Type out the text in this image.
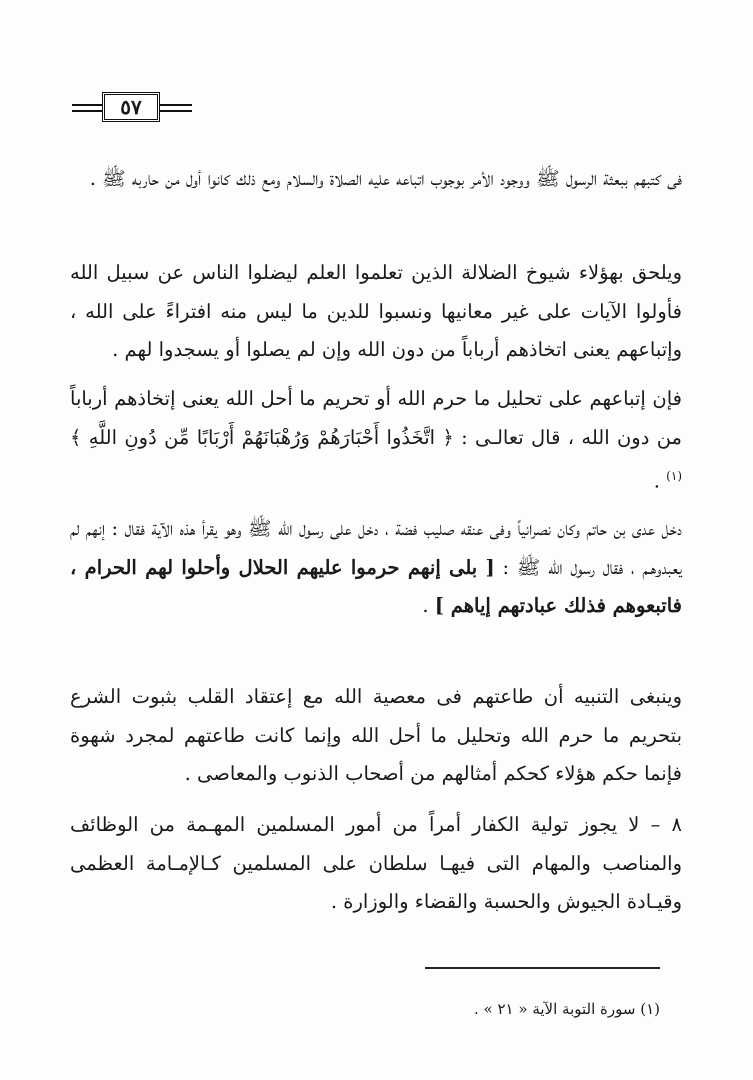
٥٧

فى كتبهم ببعثة الرسول ﷺ ووجود الأمر بوجوب اتباعه عليه الصلاة والسلام ومع ذلك كانوا أول من حاربه ﷺ .

ويلحق بهؤلاء شيوخ الضلالة الذين تعلموا العلم ليضلوا الناس عن سبيل الله فأولوا الآيات على غير معانيها ونسبوا للدين ما ليس منه افتراءً على الله ، وإتباعهم يعنى اتخاذهم أرباباً من دون الله وإن لم يصلوا أو يسجدوا لهم .

فإن إتباعهم على تحليل ما حرم الله أو تحريم ما أحل الله يعنى إتخاذهم أرباباً من دون الله ، قال تعالـى : ﴿ اتَّخَذُوا أَحْبَارَهُمْ وَرُهْبَانَهُمْ أَرْبَابًا مِّن دُونِ اللَّهِ ﴾ $^{(١)}$ .

دخل عدى بن حاتم وكان نصرانياً وفى عنقه صليب فضة ، دخل على رسول الله ﷺ وهو يقرأ هذه الآية فقال : إنهم لم يعبدوهـم ، فقال رسول الله ﷺ : [ بلى إنهم حرموا عليهم الحلال وأحلوا لهم الحرام ، فاتبعوهم فذلك عبادتهم إياهم ] .

وينبغى التنبيه أن طاعتهم فى معصية الله مع إعتقاد القلب بثبوت الشرع بتحريم ما حرم الله وتحليل ما أحل الله وإنما كانت طاعتهم لمجرد شهوة فإنما حكم هؤلاء كحكم أمثالهم من أصحاب الذنوب والمعاصى .

٨ – لا يجوز تولية الكفار أمراً من أمور المسلمين المهـمة من الوظائف والمناصب والمهام التى فيهـا سلطان على المسلمين كـالإمـامة العظمى وقيـادة الجيوش والحسبة والقضاء والوزارة .

(١) سورة التوبة الآية « ٢١ » .
